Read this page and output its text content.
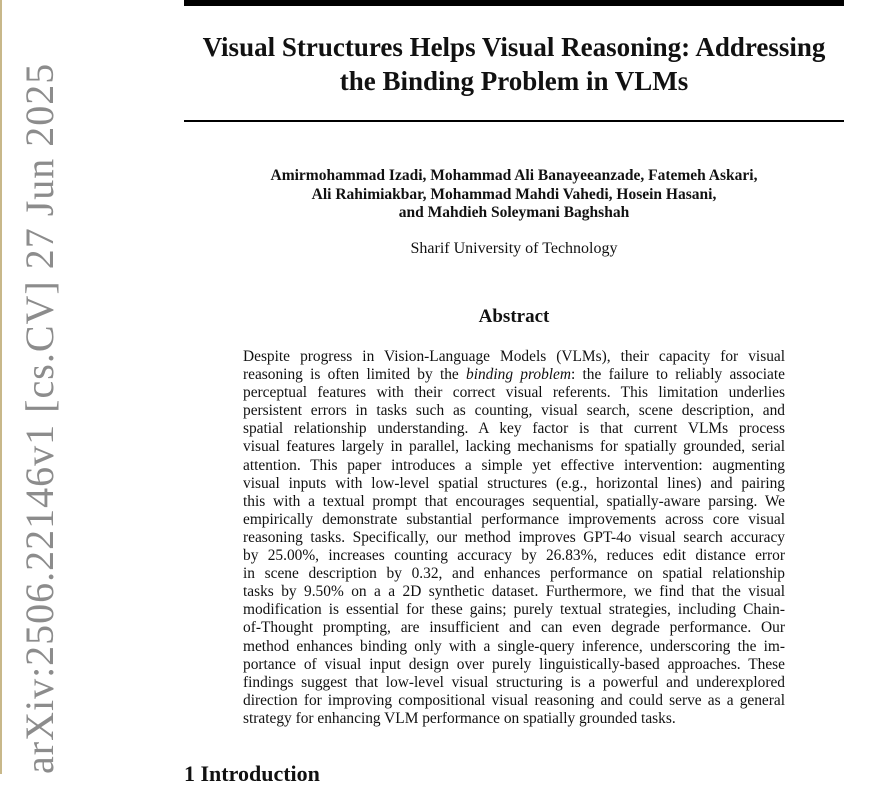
Visual Structures Helps Visual Reasoning: Addressing
the Binding Problem in VLMs
Amirmohammad Izadi, Mohammad Ali Banayeeanzade, Fatemeh Askari,
Ali Rahimiakbar, Mohammad Mahdi Vahedi, Hosein Hasani,
and Mahdieh Soleymani Baghshah
Sharif University of Technology
Abstract
Despite progress in Vision-Language Models (VLMs), their capacity for visual
reasoning is often limited by the binding problem: the failure to reliably associate
perceptual features with their correct visual referents. This limitation underlies
persistent errors in tasks such as counting, visual search, scene description, and
spatial relationship understanding. A key factor is that current VLMs process
visual features largely in parallel, lacking mechanisms for spatially grounded, serial
attention. This paper introduces a simple yet effective intervention: augmenting
visual inputs with low-level spatial structures (e.g., horizontal lines) and pairing
this with a textual prompt that encourages sequential, spatially-aware parsing. We
empirically demonstrate substantial performance improvements across core visual
reasoning tasks. Specifically, our method improves GPT-4o visual search accuracy
by 25.00%, increases counting accuracy by 26.83%, reduces edit distance error
in scene description by 0.32, and enhances performance on spatial relationship
tasks by 9.50% on a a 2D synthetic dataset. Furthermore, we find that the visual
modification is essential for these gains; purely textual strategies, including Chain-
of-Thought prompting, are insufficient and can even degrade performance. Our
method enhances binding only with a single-query inference, underscoring the im-
portance of visual input design over purely linguistically-based approaches. These
findings suggest that low-level visual structuring is a powerful and underexplored
direction for improving compositional visual reasoning and could serve as a general
strategy for enhancing VLM performance on spatially grounded tasks.
arXiv:2506.22146v1 [cs.CV] 27 Jun 2025	1 Introduction
